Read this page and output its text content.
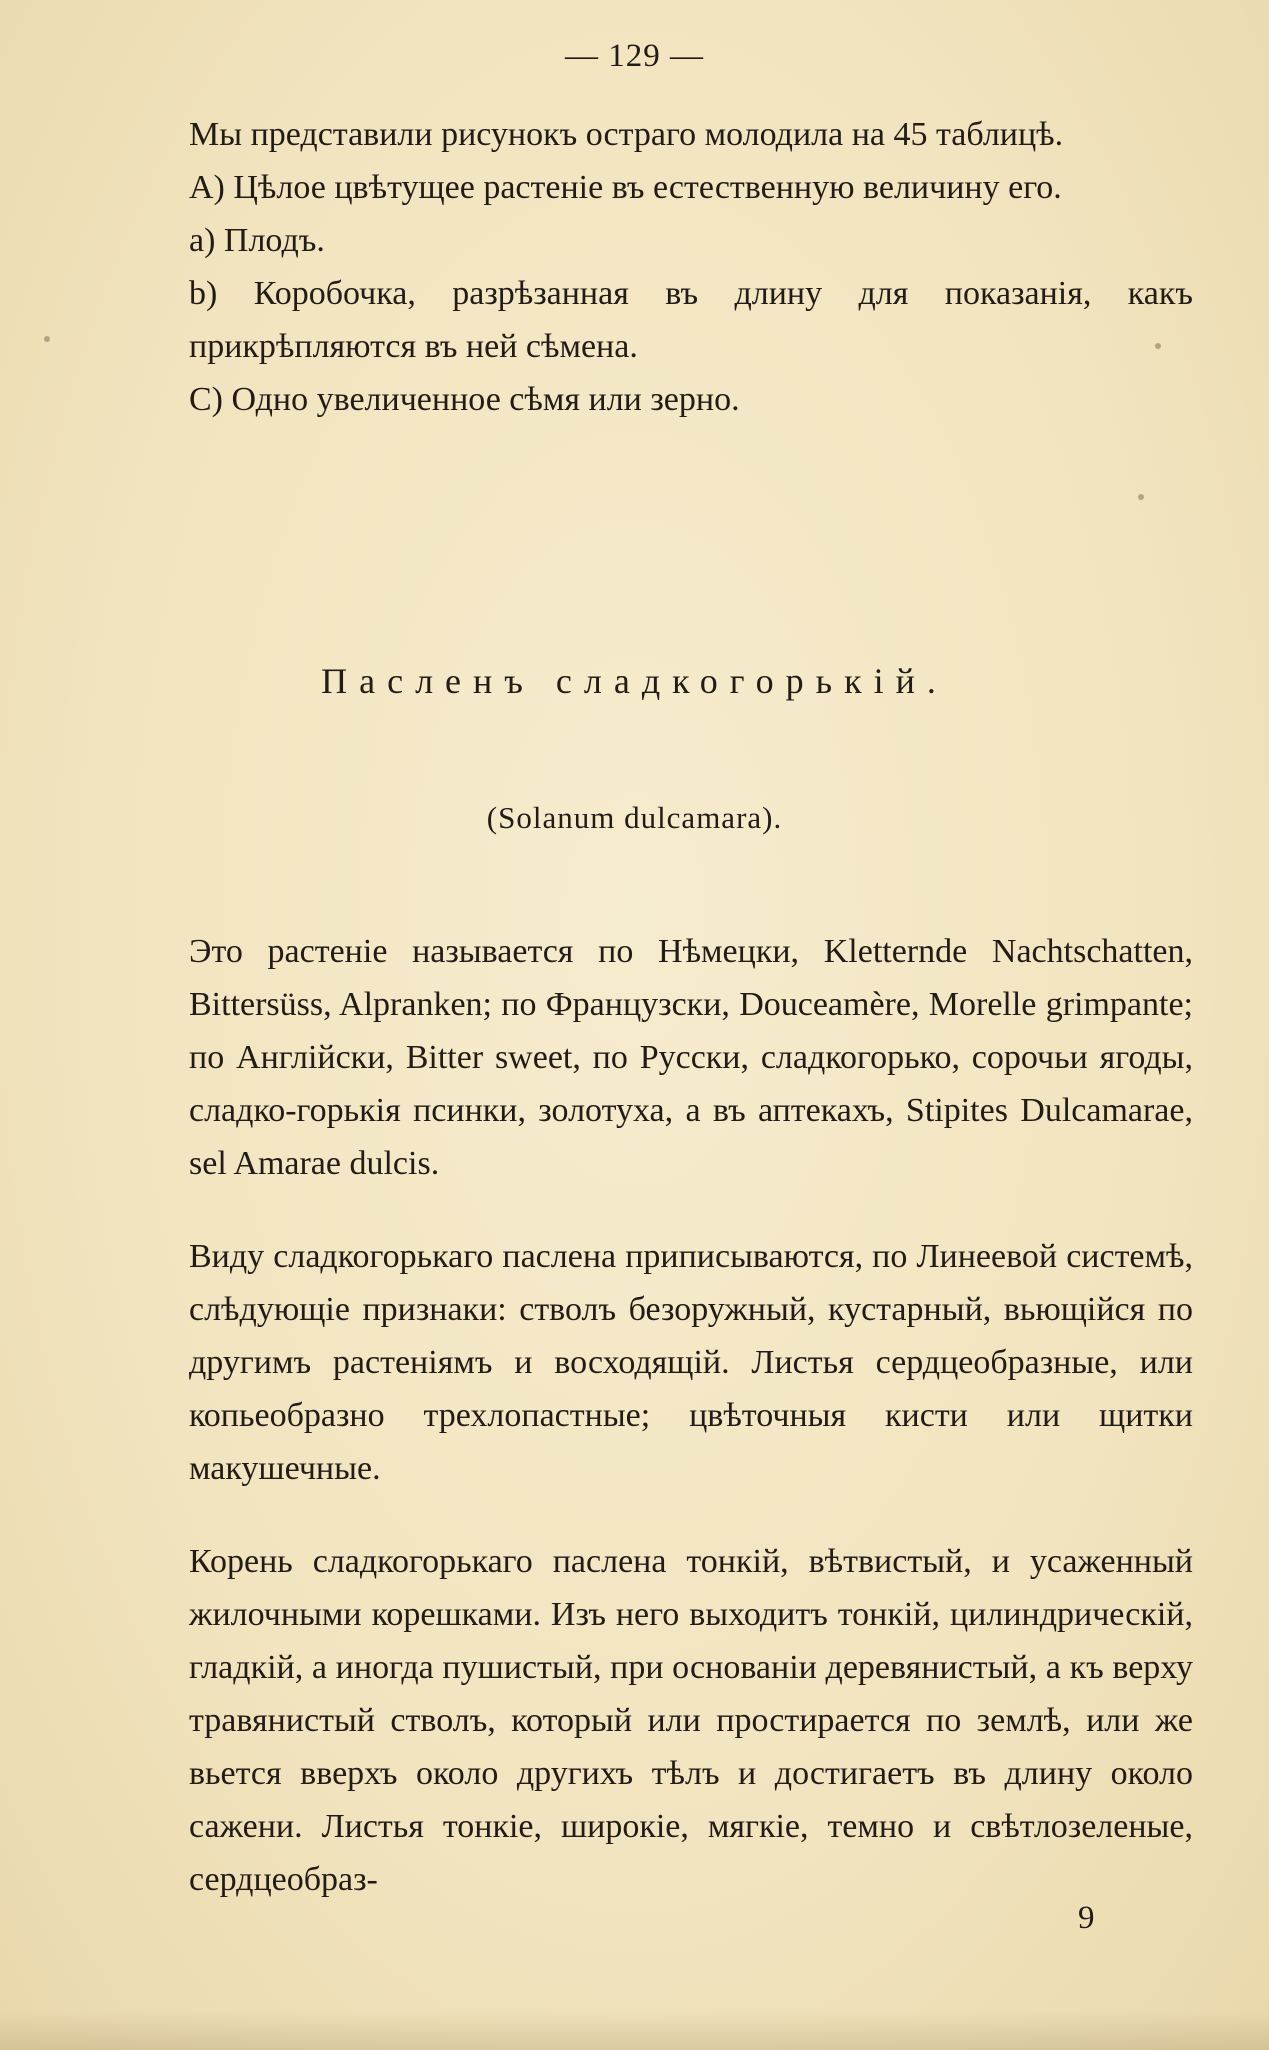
— 129 —

Мы представили рисунокъ остраго молодила на 45 таблицѣ.

A) Цѣлое цвѣтущее растеніе въ естественную величину его.

a) Плодъ.

b) Коробочка, разрѣзанная въ длину для показанія, какъ прикрѣпляются въ ней сѣмена.

C) Одно увеличенное сѣмя или зерно.

Пасленъ сладкогорькій.
(Solanum dulcamara).

Это растеніе называется по Нѣмецки, Kletternde Nachtschatten, Bittersüss, Alpranken; по Французски, Douceamère, Morelle grimpante; по Англійски, Bitter sweet, по Русски, сладкогорько, сорочьи ягоды, сладко-горькія псинки, золотуха, а въ аптекахъ, Stipites Dulcamarae, sel Amarae dulcis.

Виду сладкогорькаго паслена приписываются, по Линеевой системѣ, слѣдующіе признаки: стволъ безоружный, кустарный, вьющійся по другимъ растеніямъ и восходящій. Листья сердцеобразные, или копьеобразно трехлопастные; цвѣточныя кисти или щитки макушечные.

Корень сладкогорькаго паслена тонкій, вѣтвистый, и усаженный жилочными корешками. Изъ него выходитъ тонкій, цилиндрическій, гладкій, а иногда пушистый, при основаніи деревянистый, а къ верху травянистый стволъ, который или простирается по землѣ, или же вьется вверхъ около другихъ тѣлъ и достигаетъ въ длину около сажени. Листья тонкіе, широкіе, мягкіе, темно и свѣтлозеленые, сердцеобраз-

9
